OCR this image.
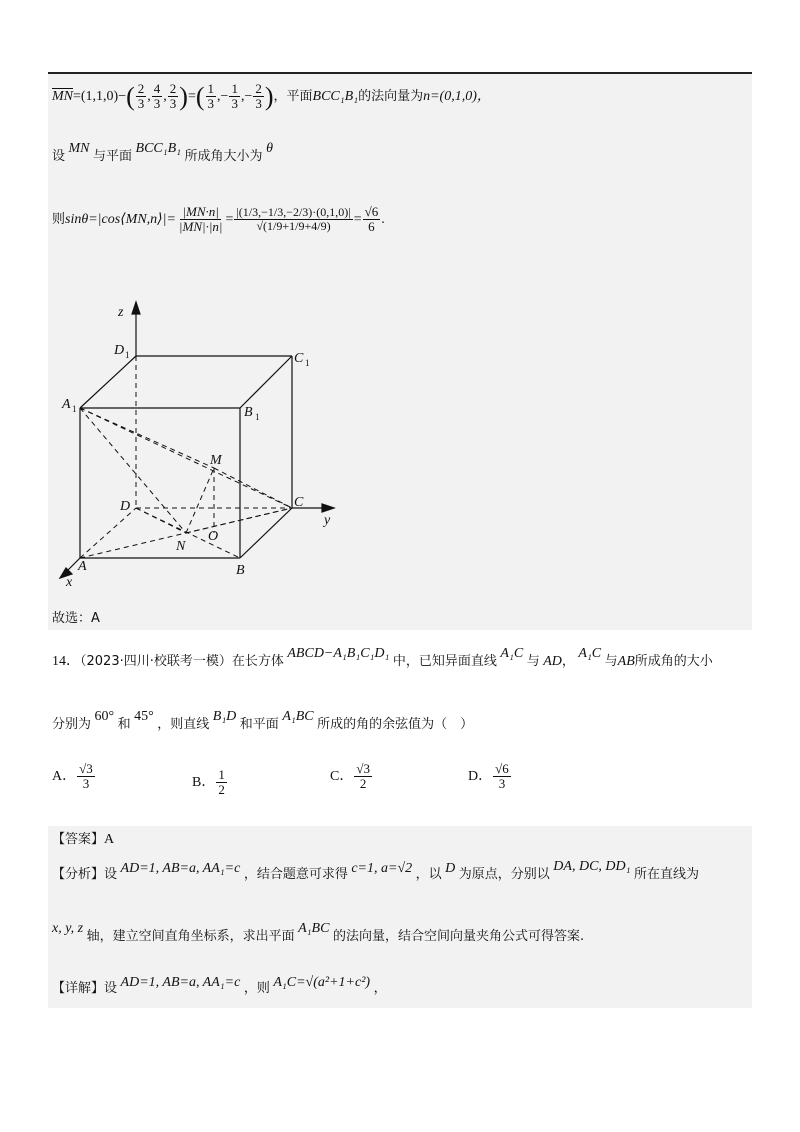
$\overline{MN}=(1,1,0)-( \frac{2}{3}$ , $\frac{4}{3}$ , $\frac{2}{3}$ )=( $\frac{1}{3}$ ,− $\frac{1}{3}$ ,− $\frac{2}{3}$ )，平面BCC₁B₁的法向量为n=(0,1,0)，
设 MN 与平面 BCC₁B₁ 所成角大小为 θ
则sinθ=|cos⟨MN,n⟩|= $\frac{|MN\cdot n|}{|MN|\cdot|n|} = \frac{|(1/3,-1/3,-2/3)\cdot(0,1,0)|}{√(1/9+1/9+4/9)} = \frac{√6}{6}$ .
z
y
x
D 1	C 1
A 1	B 1
M
D	C
O
N
A	B
故选：A
14．（2023·四川·校联考一模）在长方体 ABCD−A₁B₁C₁D₁ 中，已知异面直线 A₁C 与 AD， A₁C 与AB所成角的大小
分别为 60° 和 45° ，则直线 B₁D 和平面 A₁BC 所成的角的余弦值为（　）
A． $\frac{√3}{3}$	B． $\frac{1}{2}$	C． $\frac{√3}{2}$	D． $\frac{√6}{3}$
【答案】A
【分析】设 AD=1, AB=a, AA₁=c ，结合题意可求得 c=1, a=√2 ，以 D 为原点，分别以 DA, DC, DD₁ 所在直线为
x, y, z 轴，建立空间直角坐标系，求出平面 A₁BC 的法向量，结合空间向量夹角公式可得答案.
【详解】设 AD=1, AB=a, AA₁=c ，则 A₁C=√(a²+1+c²) ，
